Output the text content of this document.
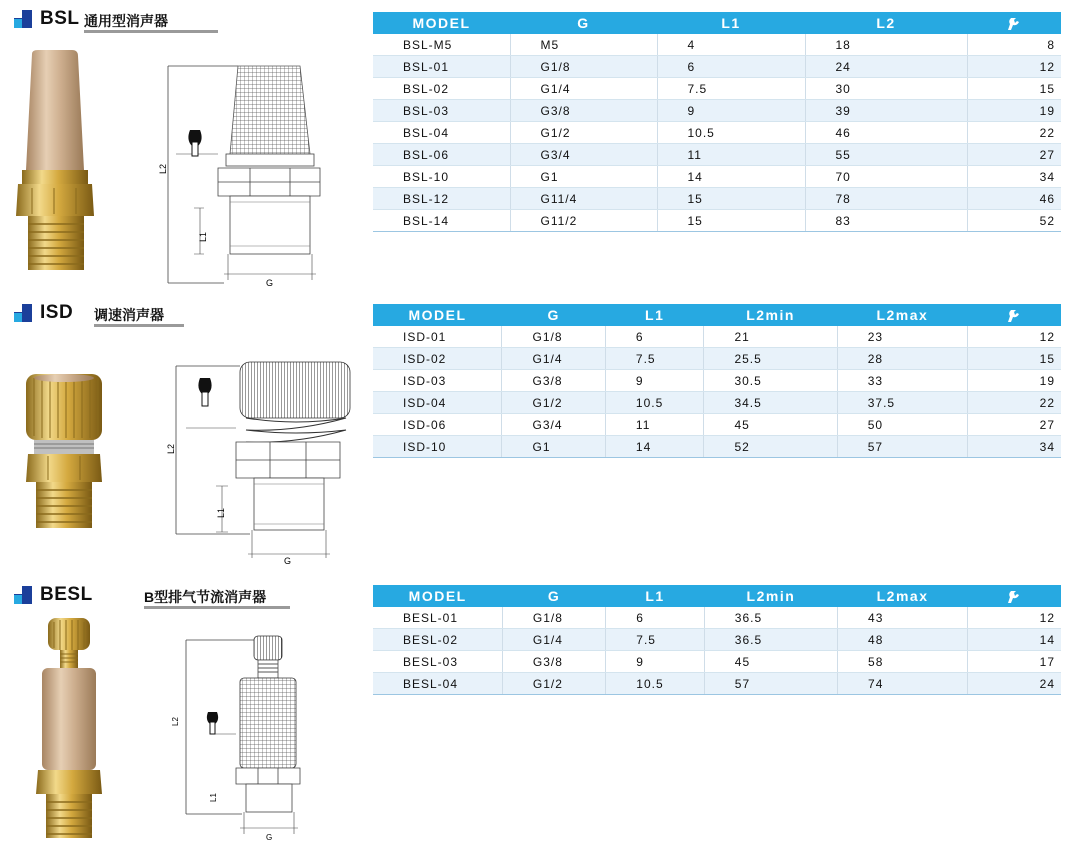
BSL 通用型消声器
L2
L1
G
MODEL	G	L1	L2	
BSL-M5	M5	4	18	8
BSL-01	G1/8	6	24	12
BSL-02	G1/4	7.5	30	15
BSL-03	G3/8	9	39	19
BSL-04	G1/2	10.5	46	22
BSL-06	G3/4	11	55	27
BSL-10	G1	14	70	34
BSL-12	G11/4	15	78	46
BSL-14	G11/2	15	83	52
ISD 调速消声器
L2
L1
G
MODEL	G	L1	L2min	L2max	
ISD-01	G1/8	6	21	23	12
ISD-02	G1/4	7.5	25.5	28	15
ISD-03	G3/8	9	30.5	33	19
ISD-04	G1/2	10.5	34.5	37.5	22
ISD-06	G3/4	11	45	50	27
ISD-10	G1	14	52	57	34
BESL	B型排气节流消声器
L2
L1
G
MODEL	G	L1	L2min	L2max	
BESL-01	G1/8	6	36.5	43	12
BESL-02	G1/4	7.5	36.5	48	14
BESL-03	G3/8	9	45	58	17
BESL-04	G1/2	10.5	57	74	24
